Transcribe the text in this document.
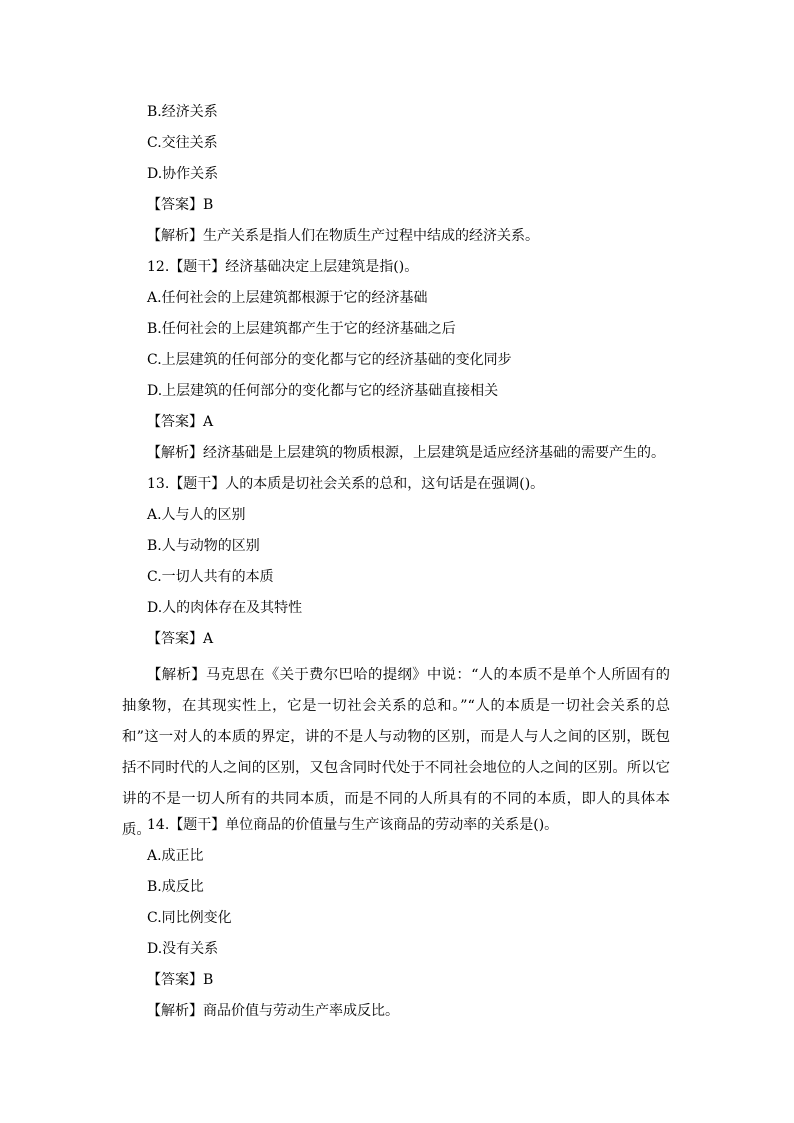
B.经济关系
C.交往关系
D.协作关系
【答案】B
【解析】生产关系是指人们在物质生产过程中结成的经济关系。
12.【题干】经济基础决定上层建筑是指()。
A.任何社会的上层建筑都根源于它的经济基础
B.任何社会的上层建筑都产生于它的经济基础之后
C.上层建筑的任何部分的变化都与它的经济基础的变化同步
D.上层建筑的任何部分的变化都与它的经济基础直接相关
【答案】A
【解析】经济基础是上层建筑的物质根源，上层建筑是适应经济基础的需要产生的。
13.【题干】人的本质是切社会关系的总和，这句话是在强调()。
A.人与人的区别
B.人与动物的区别
C.一切人共有的本质
D.人的肉体存在及其特性
【答案】A
【解析】马克思在《关于费尔巴哈的提纲》中说：“人的本质不是单个人所固有的抽象物，在其现实性上，它是一切社会关系的总和。”“人的本质是一切社会关系的总和”这一对人的本质的界定，讲的不是人与动物的区别，而是人与人之间的区别，既包括不同时代的人之间的区别，又包含同时代处于不同社会地位的人之间的区别。所以它讲的不是一切人所有的共同本质，而是不同的人所具有的不同的本质，即人的具体本质。
14.【题干】单位商品的价值量与生产该商品的劳动率的关系是()。
A.成正比
B.成反比
C.同比例变化
D.没有关系
【答案】B
【解析】商品价值与劳动生产率成反比。
